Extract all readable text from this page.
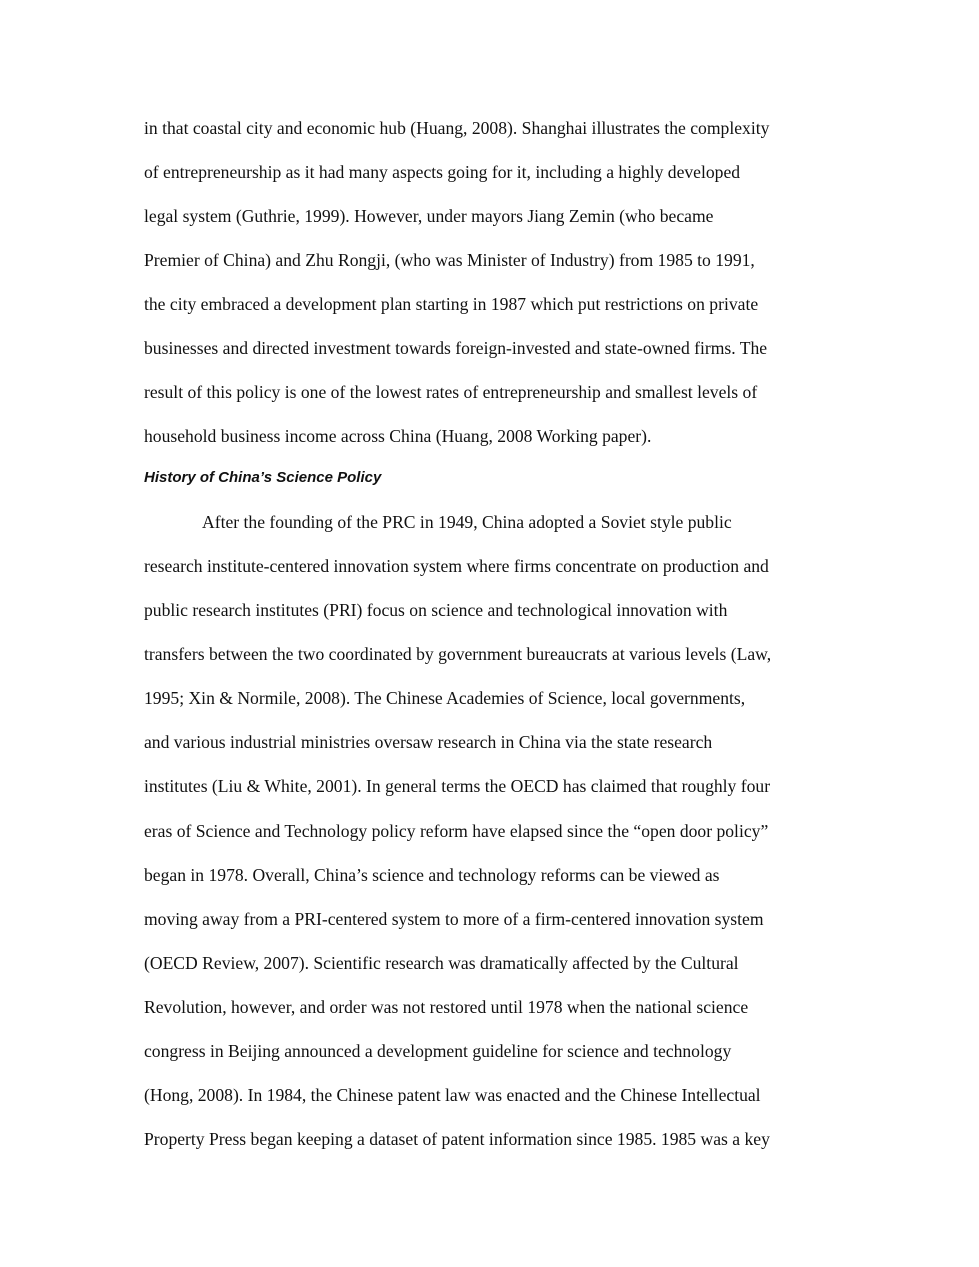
in that coastal city and economic hub (Huang, 2008). Shanghai illustrates the complexity
of entrepreneurship as it had many aspects going for it, including a highly developed
legal system (Guthrie, 1999). However, under mayors Jiang Zemin (who became
Premier of China) and Zhu Rongji, (who was Minister of Industry) from 1985 to 1991,
the city embraced a development plan starting in 1987 which put restrictions on private
businesses and directed investment towards foreign-invested and state-owned firms. The
result of this policy is one of the lowest rates of entrepreneurship and smallest levels of
household business income across China (Huang, 2008 Working paper).
History of China’s Science Policy
After the founding of the PRC in 1949, China adopted a Soviet style public
research institute-centered innovation system where firms concentrate on production and
public research institutes (PRI) focus on science and technological innovation with
transfers between the two coordinated by government bureaucrats at various levels (Law,
1995; Xin & Normile, 2008). The Chinese Academies of Science, local governments,
and various industrial ministries oversaw research in China via the state research
institutes (Liu & White, 2001). In general terms the OECD has claimed that roughly four
eras of Science and Technology policy reform have elapsed since the “open door policy”
began in 1978. Overall, China’s science and technology reforms can be viewed as
moving away from a PRI-centered system to more of a firm-centered innovation system
(OECD Review, 2007). Scientific research was dramatically affected by the Cultural
Revolution, however, and order was not restored until 1978 when the national science
congress in Beijing announced a development guideline for science and technology
(Hong, 2008). In 1984, the Chinese patent law was enacted and the Chinese Intellectual
Property Press began keeping a dataset of patent information since 1985. 1985 was a key
